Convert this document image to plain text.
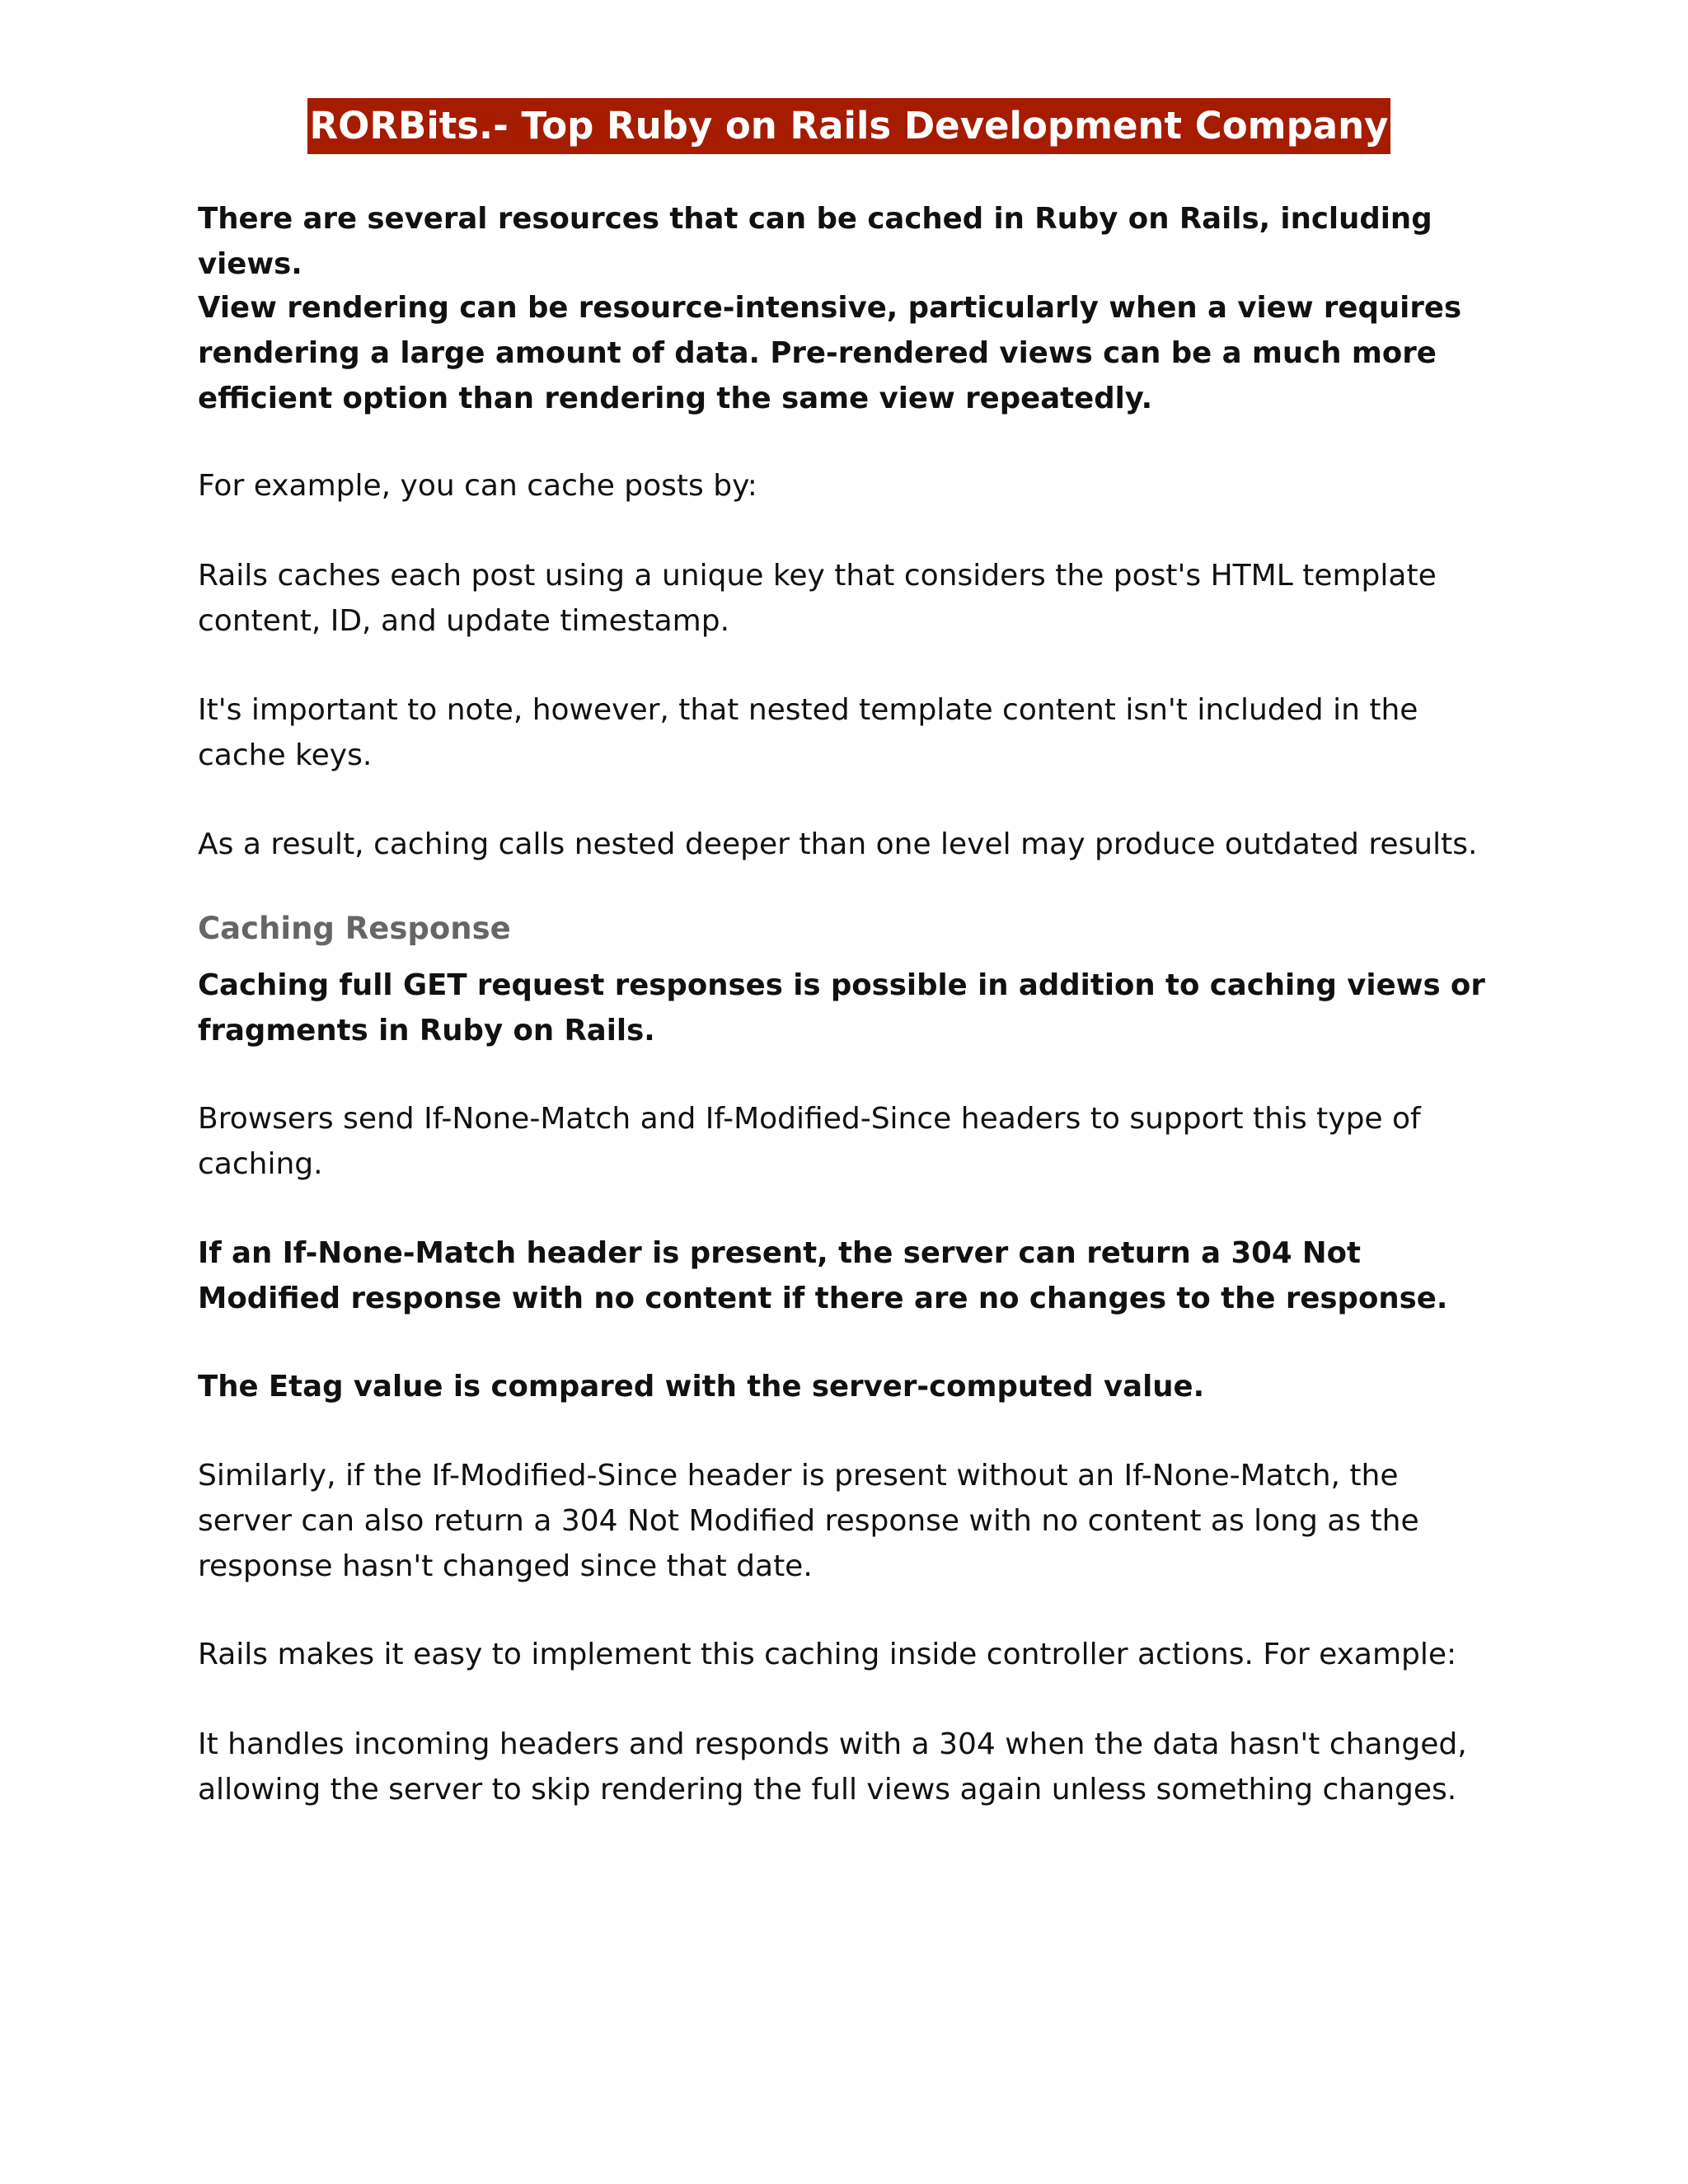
RORBits.- Top Ruby on Rails Development Company

There are several resources that can be cached in Ruby on Rails, including views.

View rendering can be resource-intensive, particularly when a view requires rendering a large amount of data. Pre-rendered views can be a much more efficient option than rendering the same view repeatedly.

For example, you can cache posts by:

Rails caches each post using a unique key that considers the post's HTML template content, ID, and update timestamp.

It's important to note, however, that nested template content isn't included in the cache keys.

As a result, caching calls nested deeper than one level may produce outdated results.

Caching Response

Caching full GET request responses is possible in addition to caching views or fragments in Ruby on Rails.

Browsers send If-None-Match and If-Modified-Since headers to support this type of caching.

If an If-None-Match header is present, the server can return a 304 Not Modified response with no content if there are no changes to the response.

The Etag value is compared with the server-computed value.

Similarly, if the If-Modified-Since header is present without an If-None-Match, the server can also return a 304 Not Modified response with no content as long as the response hasn't changed since that date.

Rails makes it easy to implement this caching inside controller actions. For example:

It handles incoming headers and responds with a 304 when the data hasn't changed, allowing the server to skip rendering the full views again unless something changes.
